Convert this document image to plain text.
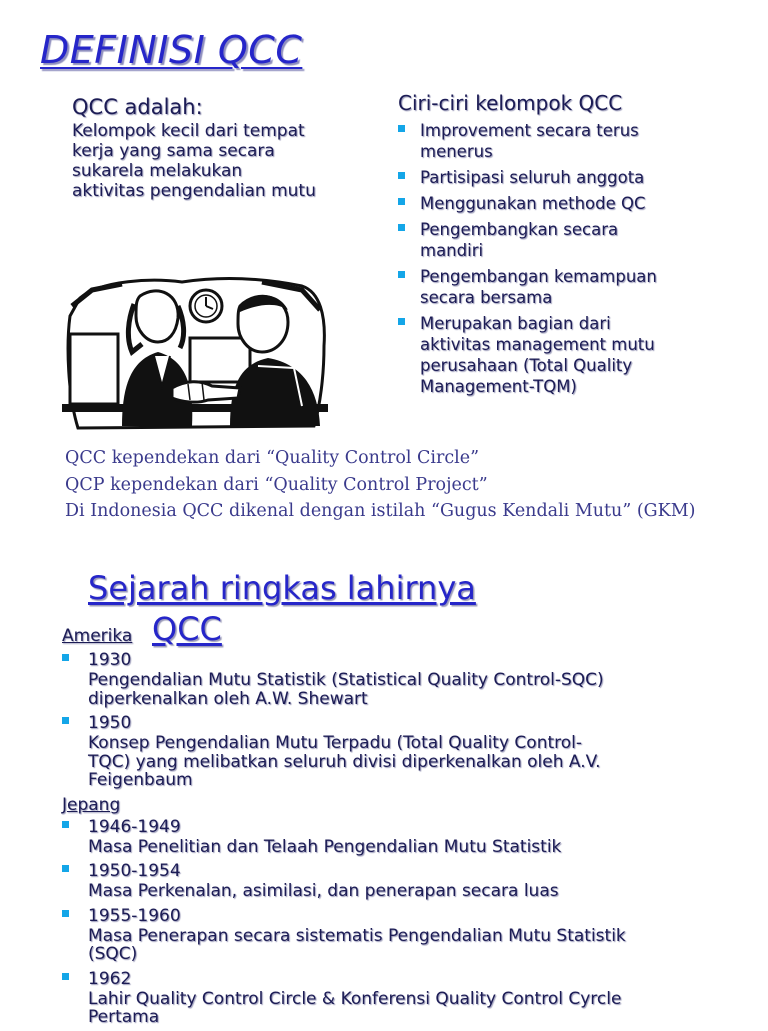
DEFINISI QCC
QCC adalah:
Kelompok kecil dari tempat
kerja yang sama secara
sukarela melakukan
aktivitas pengendalian mutu
Ciri-ciri kelompok QCC
Improvement secara terus
menerus
Partisipasi seluruh anggota
Menggunakan methode QC
Pengembangkan secara
mandiri
Pengembangan kemampuan
secara bersama
Merupakan bagian dari
aktivitas management mutu
perusahaan (Total Quality
Management-TQM)
QCC kependekan dari “Quality Control Circle”
QCP kependekan dari “Quality Control Project”
Di Indonesia QCC dikenal dengan istilah “Gugus Kendali Mutu” (GKM)
Sejarah ringkas lahirnya
QCC
Amerika
1930
Pengendalian Mutu Statistik (Statistical Quality Control-SQC)
diperkenalkan oleh A.W. Shewart
1950
Konsep Pengendalian Mutu Terpadu (Total Quality Control-
TQC) yang melibatkan seluruh divisi diperkenalkan oleh A.V.
Feigenbaum
Jepang
1946-1949
Masa Penelitian dan Telaah Pengendalian Mutu Statistik
1950-1954
Masa Perkenalan, asimilasi, dan penerapan secara luas
1955-1960
Masa Penerapan secara sistematis Pengendalian Mutu Statistik
(SQC)
1962
Lahir Quality Control Circle & Konferensi Quality Control Cyrcle
Pertama
